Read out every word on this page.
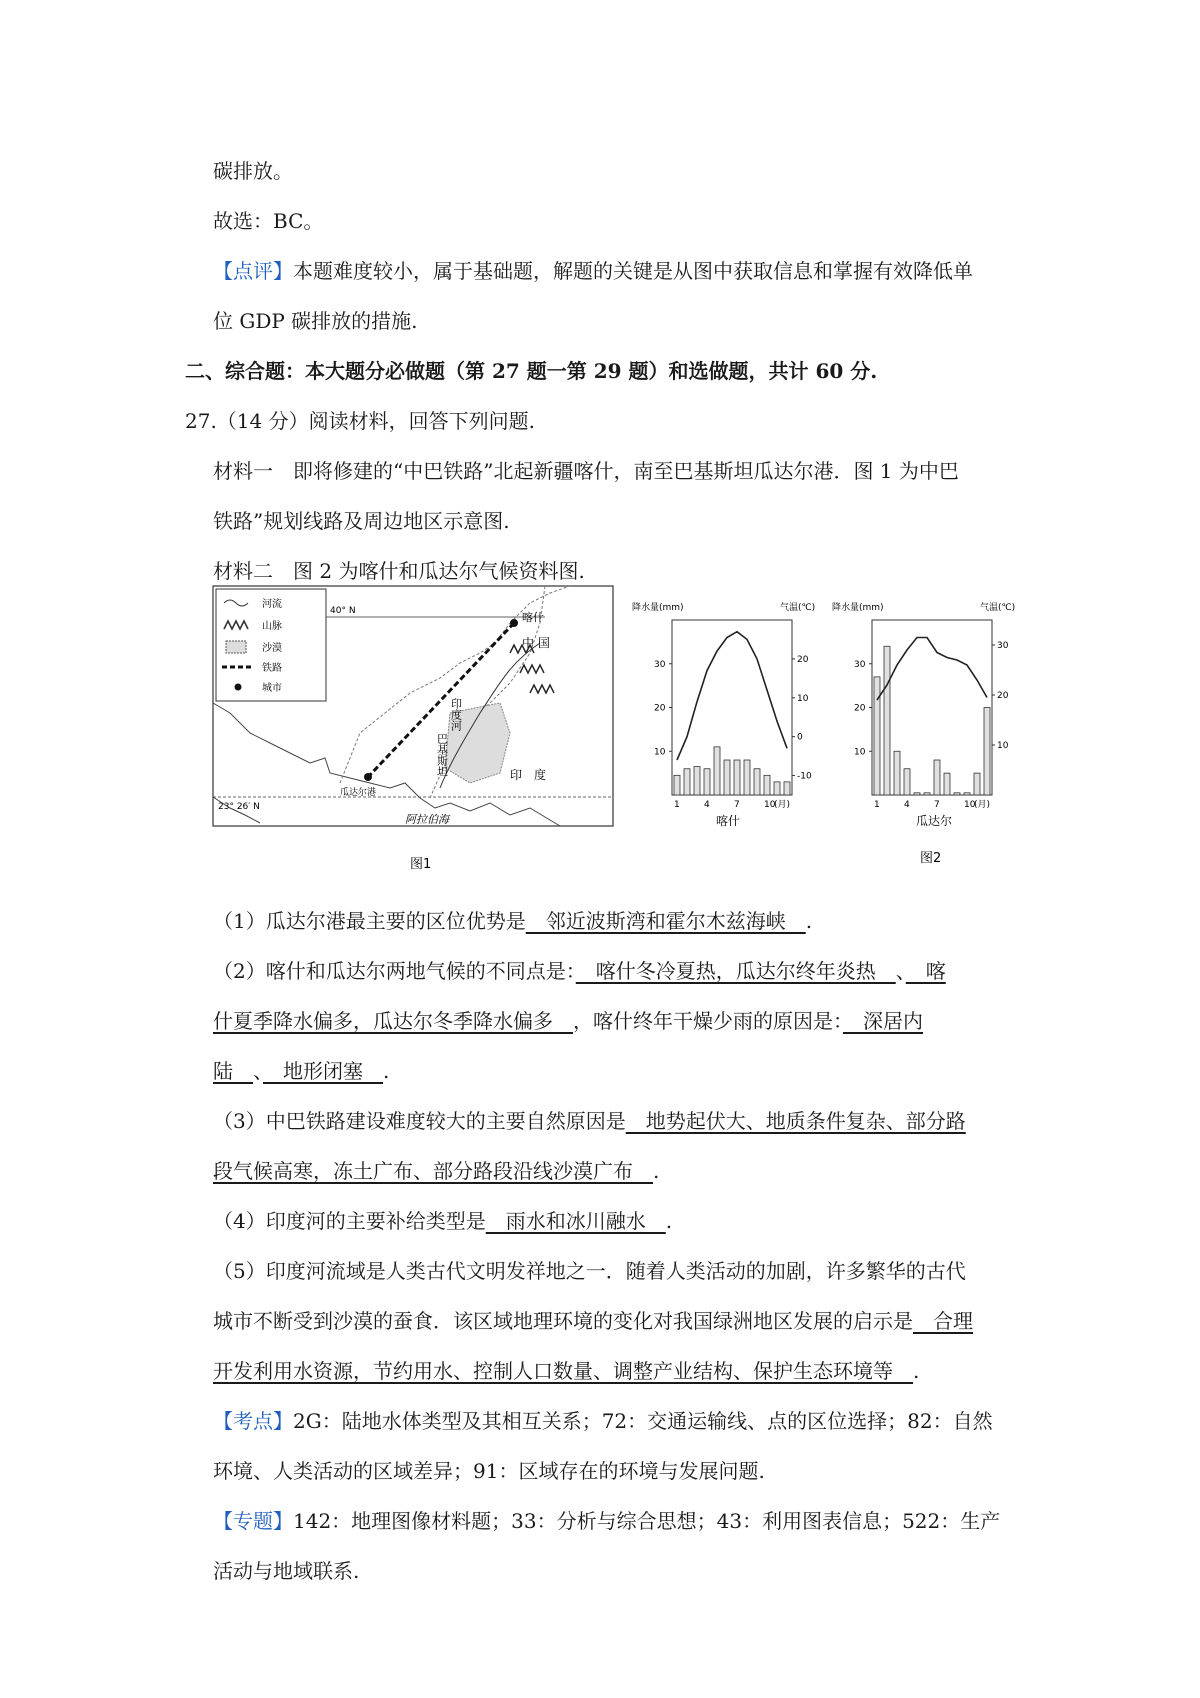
碳排放。
故选：BC。
【点评】本题难度较小，属于基础题，解题的关键是从图中获取信息和掌握有效降低单
位 GDP 碳排放的措施.
二、综合题：本大题分必做题（第 27 题一第 29 题）和选做题，共计 60 分.
27.（14 分）阅读材料，回答下列问题.
材料一　即将修建的“中巴铁路”北起新疆喀什，南至巴基斯坦瓜达尔港．图 1 为中巴
铁路”规划线路及周边地区示意图.
材料二　图 2 为喀什和瓜达尔气候资料图.
河流
山脉
沙漠
铁路
城市
40° N
23° 26′ N
喀什
瓜达尔港
中 国
印度河
巴基斯坦	印　度
阿拉伯海
图1	图2
降水量(mm)	气温(℃)
10
20
30
-10
0
10
20
1	4	7	10
(月)
喀什
降水量(mm)	气温(℃)
10
20
30
10
20
30
1	4	7	10
(月)
瓜达尔
（1）瓜达尔港最主要的区位优势是　邻近波斯湾和霍尔木兹海峡　.
（2）喀什和瓜达尔两地气候的不同点是：　喀什冬冷夏热，瓜达尔终年炎热　、　喀
什夏季降水偏多，瓜达尔冬季降水偏多　，喀什终年干燥少雨的原因是：　深居内
陆　、　地形闭塞　.
（3）中巴铁路建设难度较大的主要自然原因是　地势起伏大、地质条件复杂、部分路
段气候高寒，冻土广布、部分路段沿线沙漠广布　.
（4）印度河的主要补给类型是　雨水和冰川融水　.
（5）印度河流域是人类古代文明发祥地之一．随着人类活动的加剧，许多繁华的古代
城市不断受到沙漠的蚕食．该区域地理环境的变化对我国绿洲地区发展的启示是　合理
开发利用水资源，节约用水、控制人口数量、调整产业结构、保护生态环境等　.
【考点】2G：陆地水体类型及其相互关系；72：交通运输线、点的区位选择；82：自然
环境、人类活动的区域差异；91：区域存在的环境与发展问题.
【专题】142：地理图像材料题；33：分析与综合思想；43：利用图表信息；522：生产
活动与地域联系.
